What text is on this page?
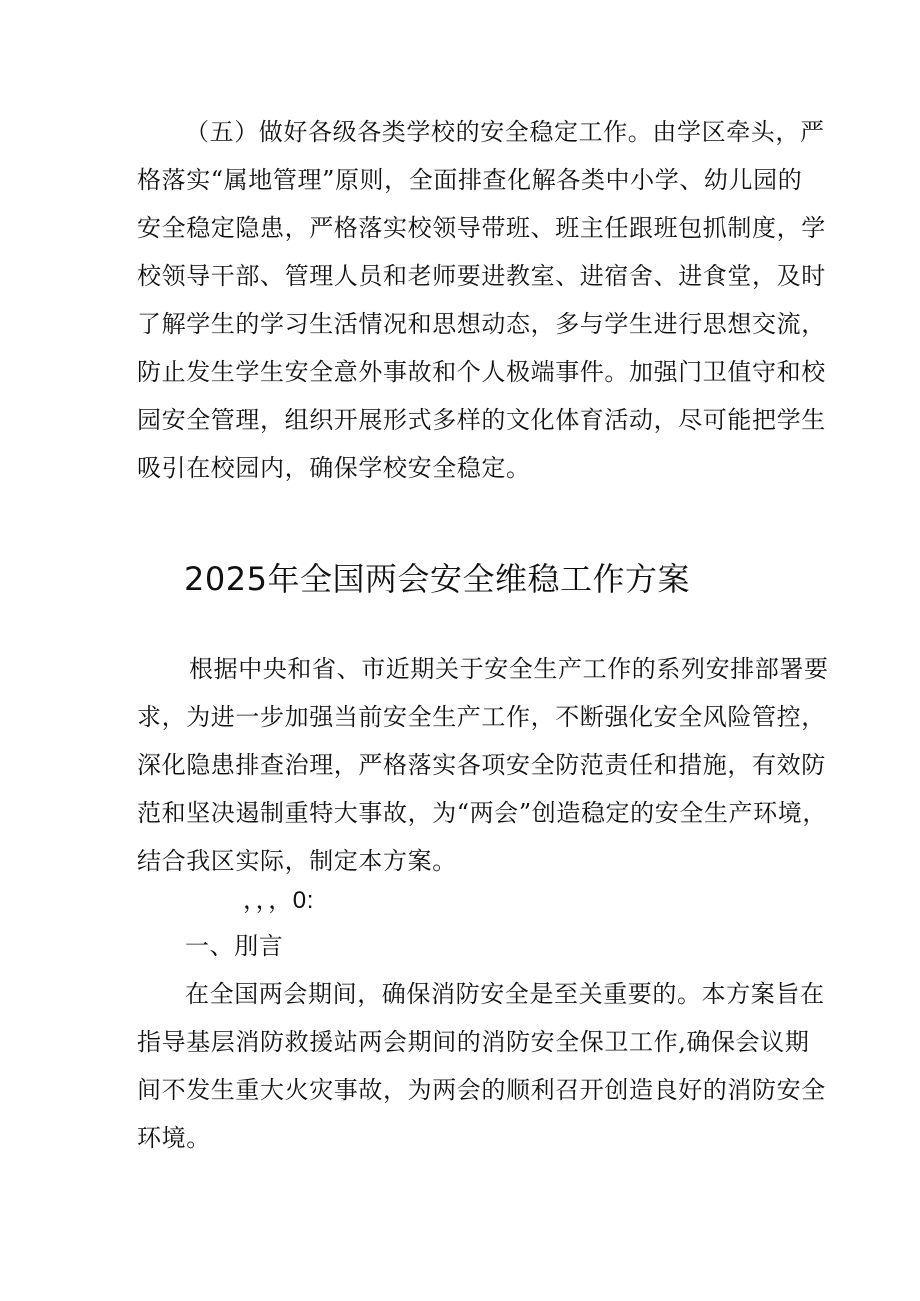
（五）做好各级各类学校的安全稳定工作。由学区牵头，严
格落实“属地管理”原则，全面排查化解各类中小学、幼儿园的
安全稳定隐患，严格落实校领导带班、班主任跟班包抓制度，学
校领导干部、管理人员和老师要进教室、进宿舍、进食堂，及时
了解学生的学习生活情况和思想动态，多与学生进行思想交流，
防止发生学生安全意外事故和个人极端事件。加强门卫值守和校
园安全管理，组织开展形式多样的文化体育活动，尽可能把学生
吸引在校园内，确保学校安全稳定。
2025年全国两会安全维稳工作方案
根据中央和省、市近期关于安全生产工作的系列安排部署要
求，为进一步加强当前安全生产工作，不断强化安全风险管控，
深化隐患排查治理，严格落实各项安全防范责任和措施，有效防
范和坚决遏制重特大事故，为“两会”创造稳定的安全生产环境，
结合我区实际，制定本方案。
，，，0:
一、刖言
在全国两会期间，确保消防安全是至关重要的。本方案旨在
指导基层消防救援站两会期间的消防安全保卫工作,确保会议期
间不发生重大火灾事故，为两会的顺利召开创造良好的消防安全
环境。
